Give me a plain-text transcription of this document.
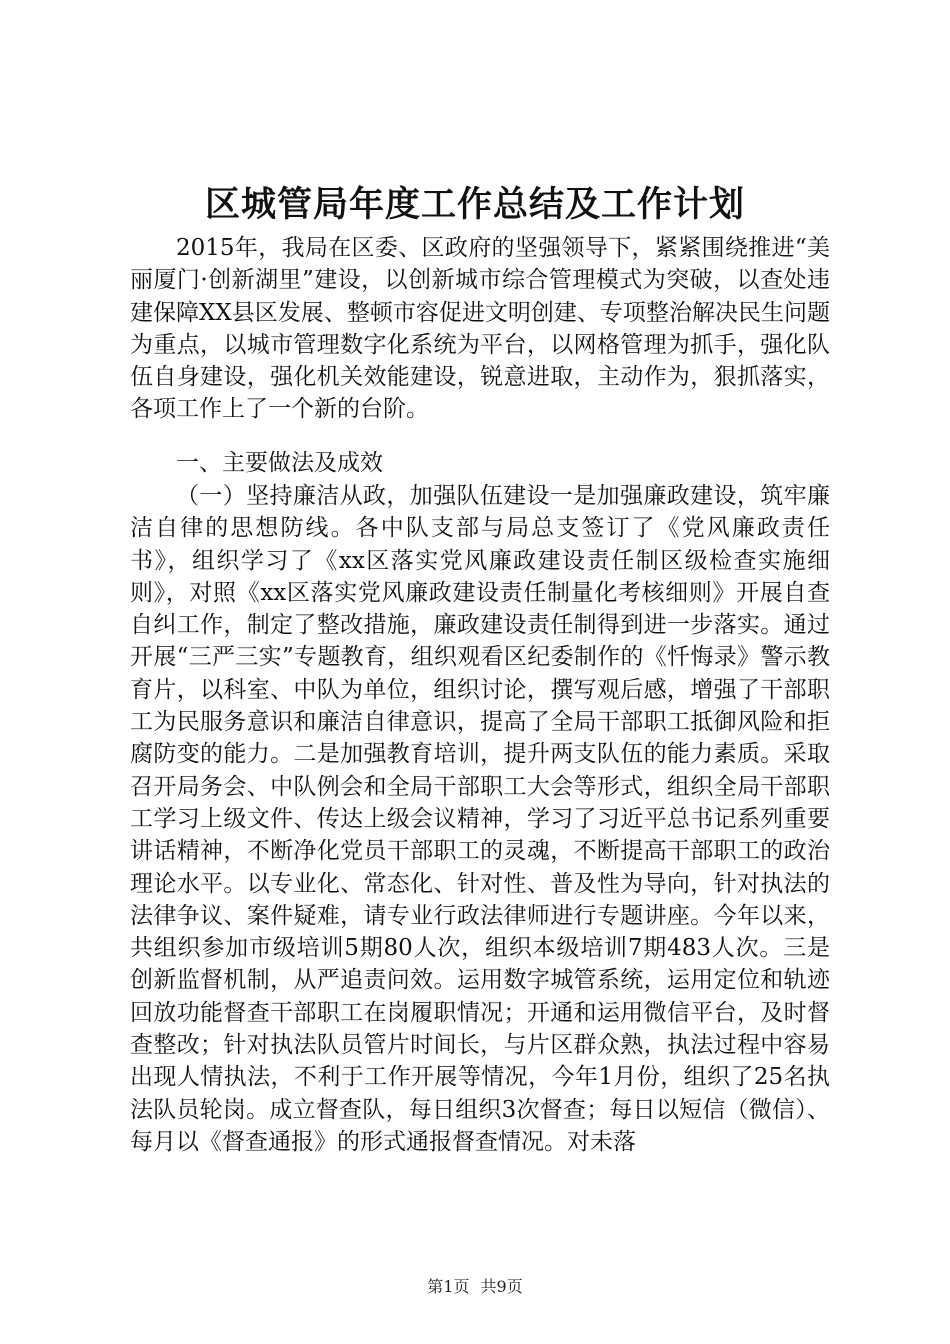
区城管局年度工作总结及工作计划

2015年，我局在区委、区政府的坚强领导下，紧紧围绕推进“美丽厦门·创新湖里”建设，以创新城市综合管理模式为突破，以查处违建保障XX县区发展、整顿市容促进文明创建、专项整治解决民生问题为重点，以城市管理数字化系统为平台，以网格管理为抓手，强化队伍自身建设，强化机关效能建设，锐意进取，主动作为，狠抓落实，各项工作上了一个新的台阶。

一、主要做法及成效

（一）坚持廉洁从政，加强队伍建设一是加强廉政建设，筑牢廉洁自律的思想防线。各中队支部与局总支签订了《党风廉政责任书》，组织学习了《xx区落实党风廉政建设责任制区级检查实施细则》，对照《xx区落实党风廉政建设责任制量化考核细则》开展自查自纠工作，制定了整改措施，廉政建设责任制得到进一步落实。通过开展“三严三实”专题教育，组织观看区纪委制作的《忏悔录》警示教育片，以科室、中队为单位，组织讨论，撰写观后感，增强了干部职工为民服务意识和廉洁自律意识，提高了全局干部职工抵御风险和拒腐防变的能力。二是加强教育培训，提升两支队伍的能力素质。采取召开局务会、中队例会和全局干部职工大会等形式，组织全局干部职工学习上级文件、传达上级会议精神，学习了习近平总书记系列重要讲话精神，不断净化党员干部职工的灵魂，不断提高干部职工的政治理论水平。以专业化、常态化、针对性、普及性为导向，针对执法的法律争议、案件疑难，请专业行政法律师进行专题讲座。今年以来，共组织参加市级培训5期80人次，组织本级培训7期483人次。三是创新监督机制，从严追责问效。运用数字城管系统，运用定位和轨迹回放功能督查干部职工在岗履职情况；开通和运用微信平台，及时督查整改；针对执法队员管片时间长，与片区群众熟，执法过程中容易出现人情执法，不利于工作开展等情况，今年1月份，组织了25名执法队员轮岗。成立督查队，每日组织3次督查；每日以短信（微信）、每月以《督查通报》的形式通报督查情况。对未落

第1页 共9页
